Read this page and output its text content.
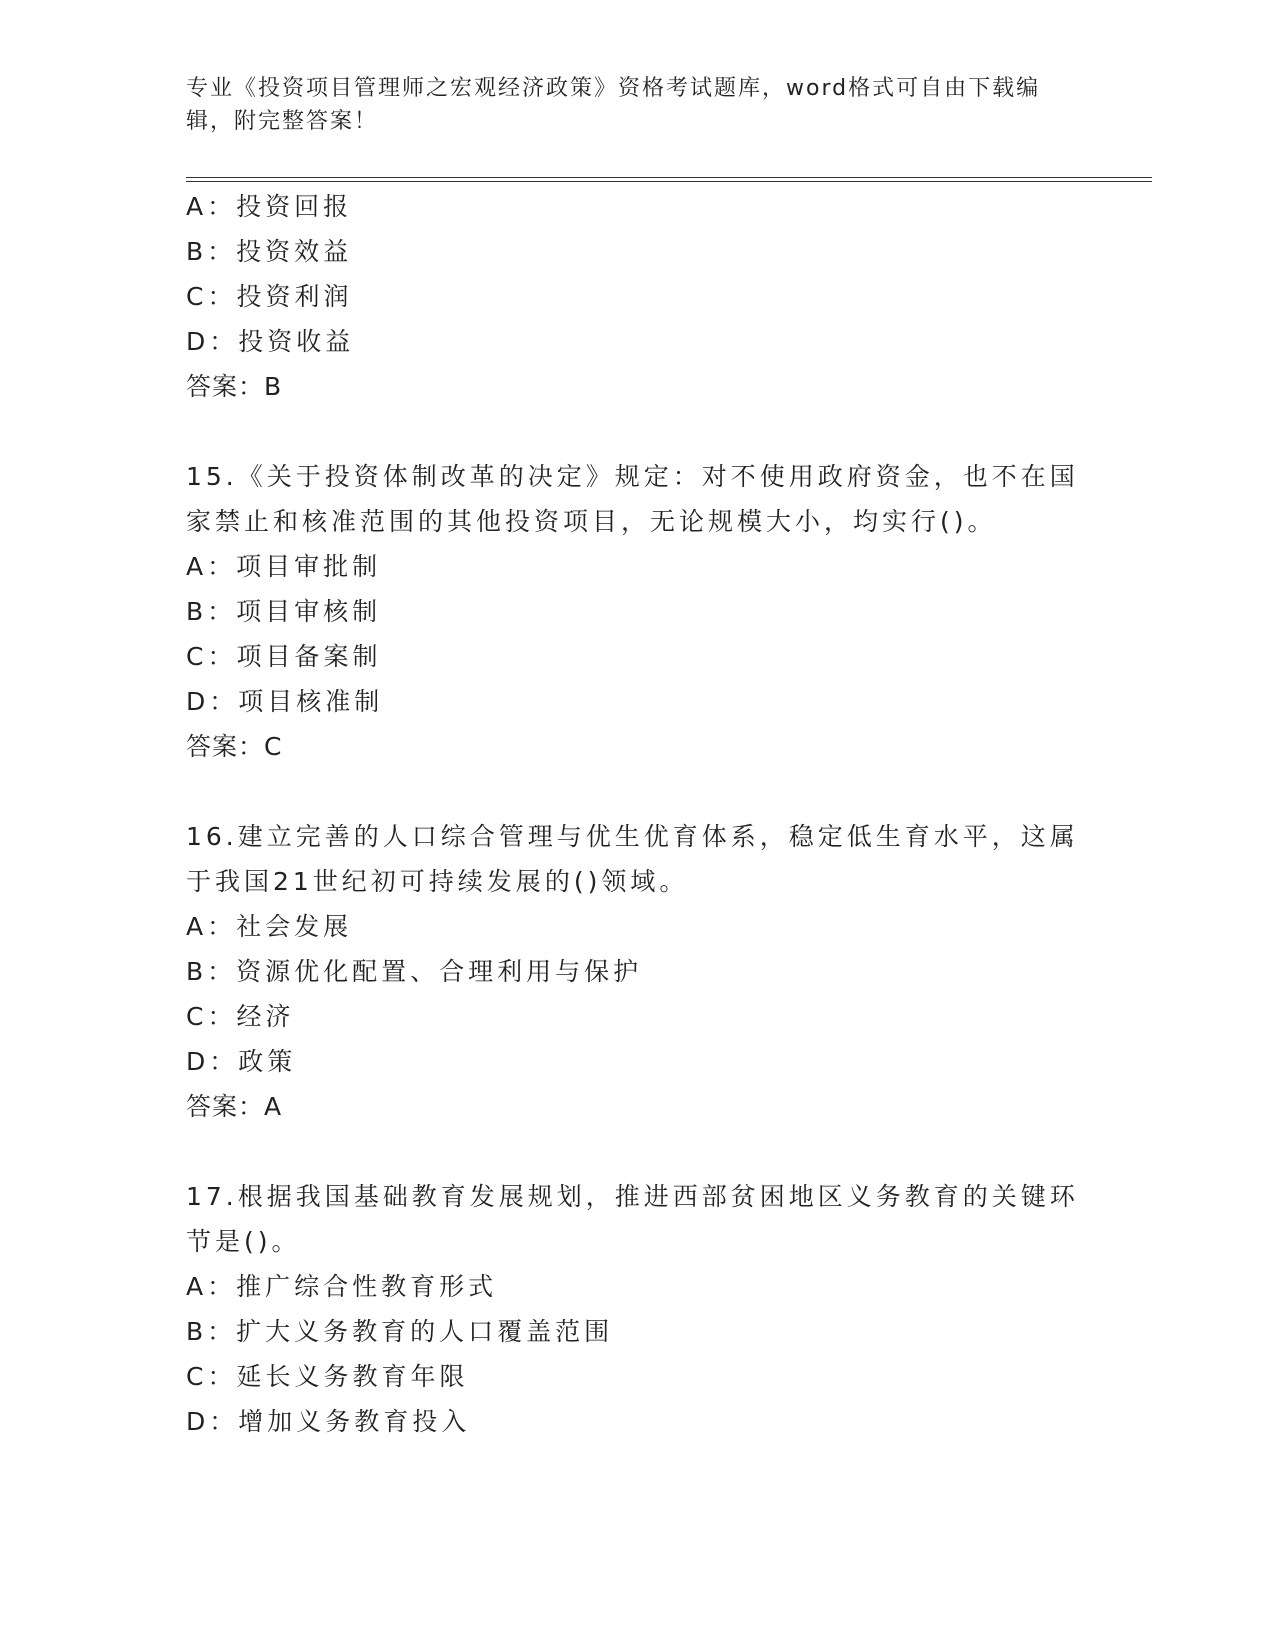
专业《投资项目管理师之宏观经济政策》资格考试题库，word格式可自由下载编
辑，附完整答案！
A：投资回报
B：投资效益
C：投资利润
D：投资收益
答案：B
15.《关于投资体制改革的决定》规定：对不使用政府资金，也不在国
家禁止和核准范围的其他投资项目，无论规模大小，均实行()。
A：项目审批制
B：项目审核制
C：项目备案制
D：项目核准制
答案：C
16.建立完善的人口综合管理与优生优育体系，稳定低生育水平，这属
于我国21世纪初可持续发展的()领域。
A：社会发展
B：资源优化配置、合理利用与保护
C：经济
D：政策
答案：A
17.根据我国基础教育发展规划，推进西部贫困地区义务教育的关键环
节是()。
A：推广综合性教育形式
B：扩大义务教育的人口覆盖范围
C：延长义务教育年限
D：增加义务教育投入
